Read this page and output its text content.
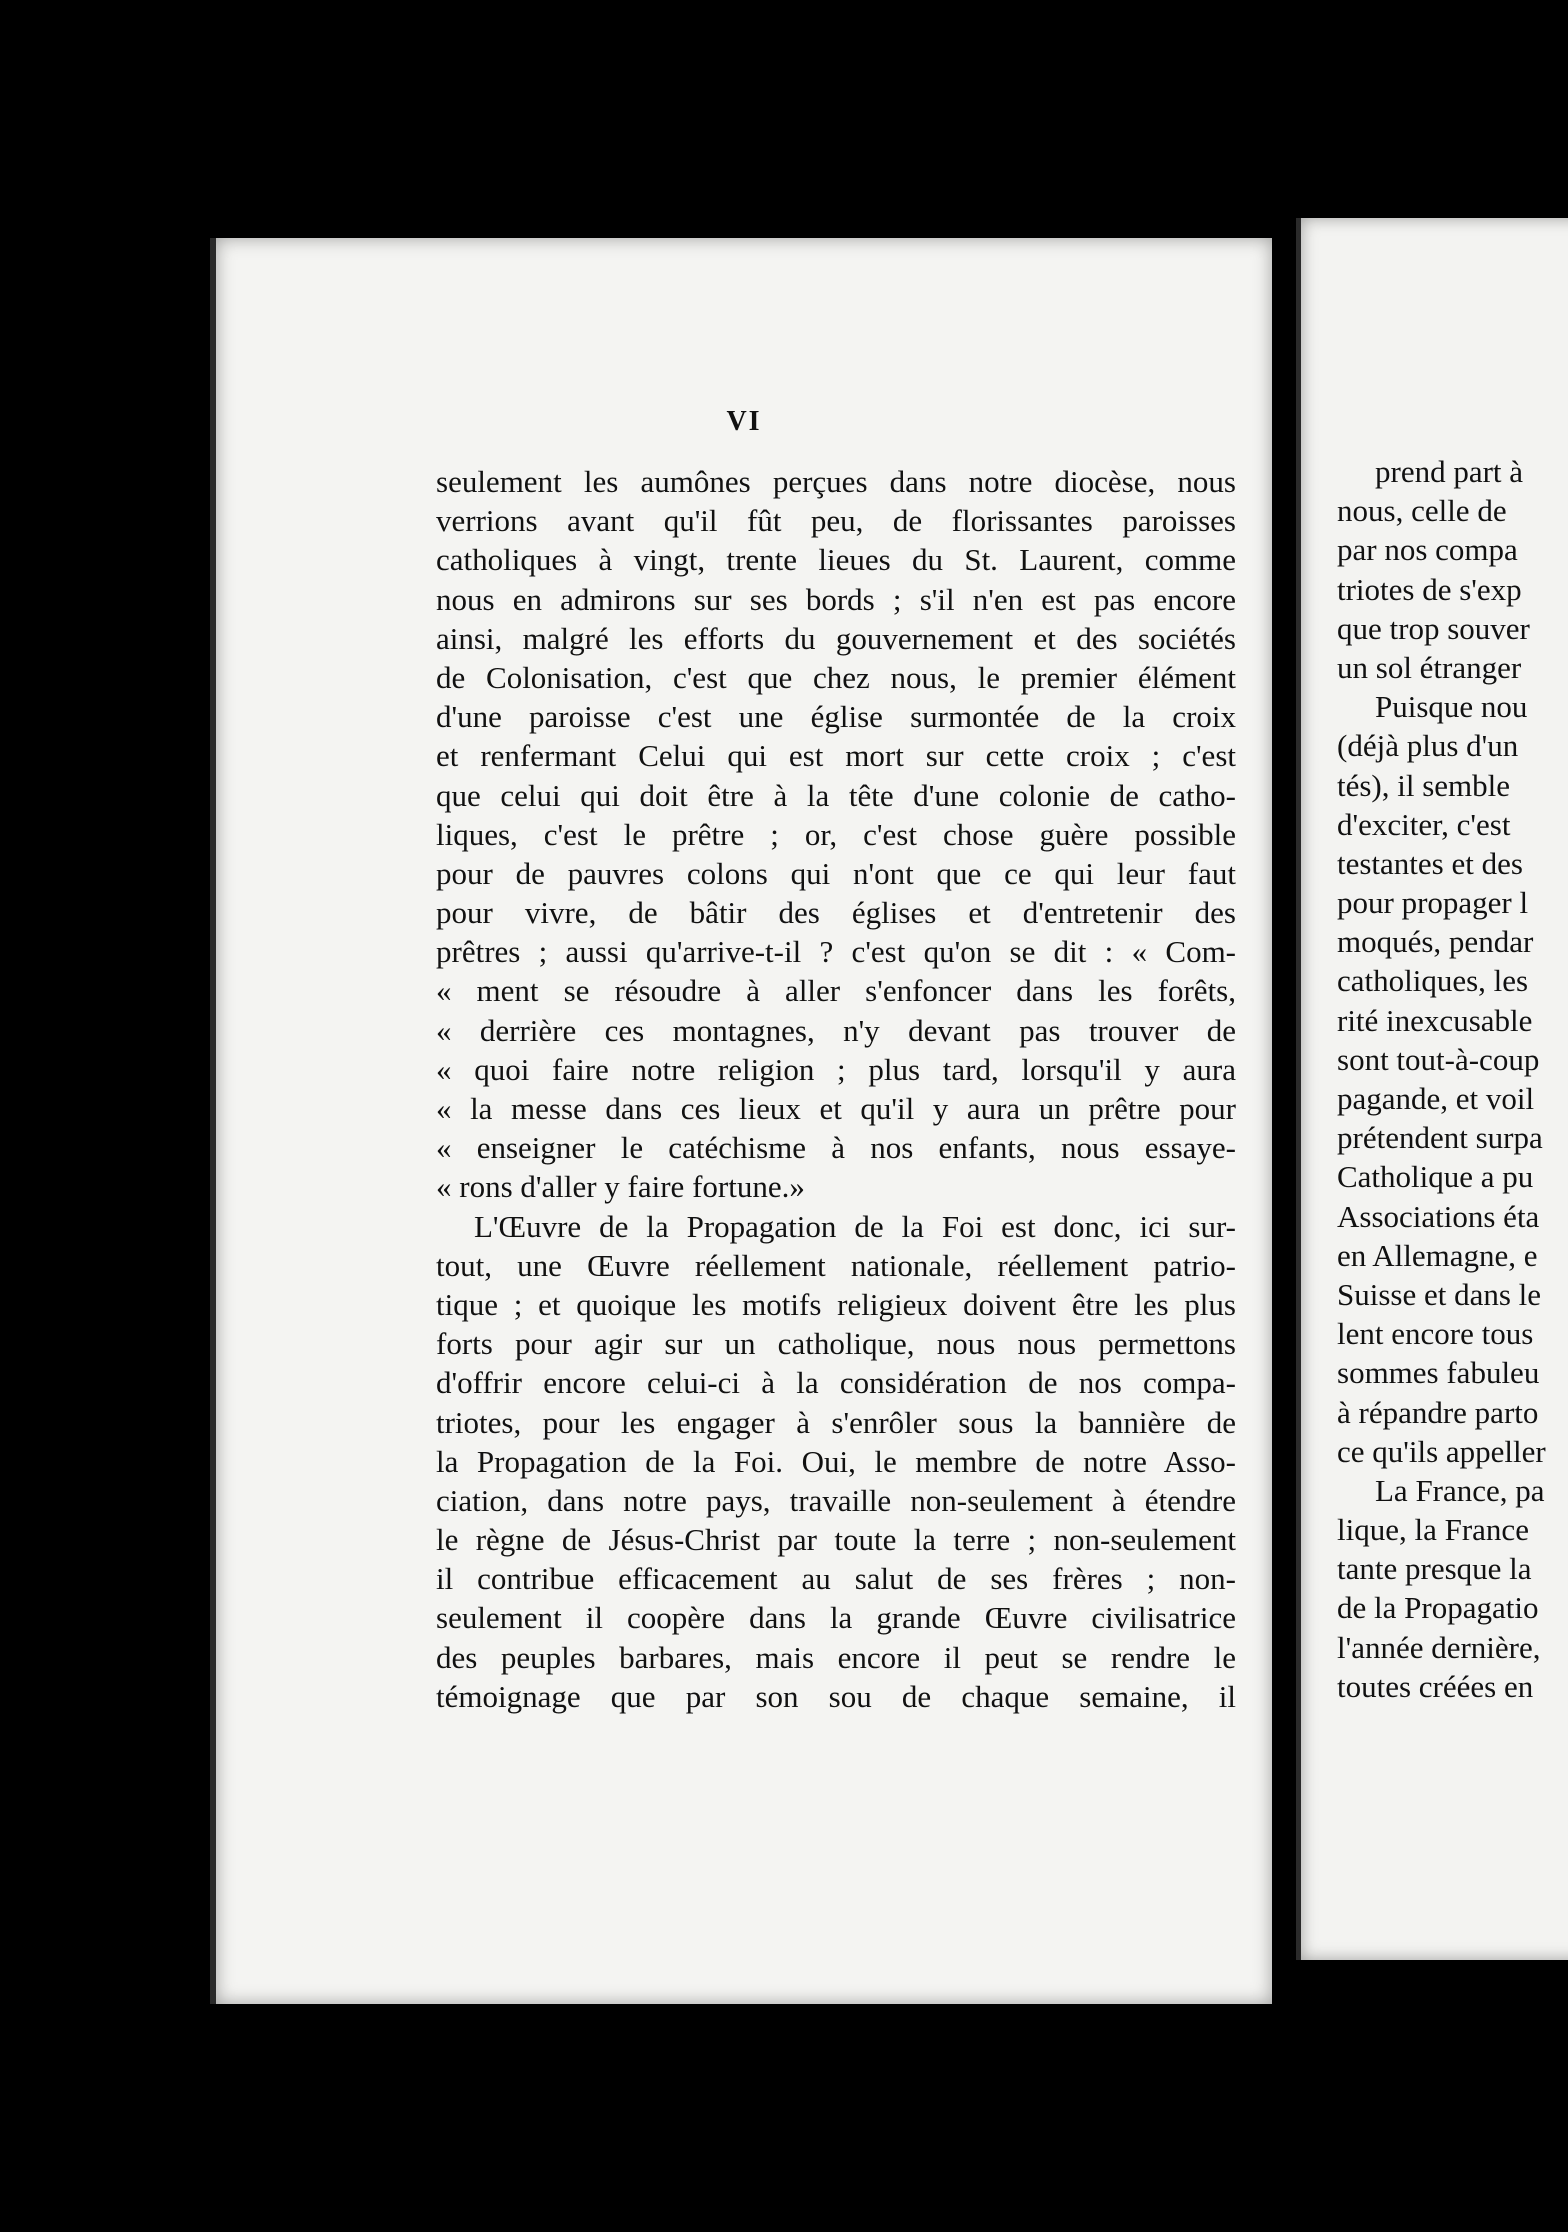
VI
seulement les aumônes perçues dans notre diocèse, nous
verrions avant qu'il fût peu, de florissantes paroisses
catholiques à vingt, trente lieues du St. Laurent, comme
nous en admirons sur ses bords ; s'il n'en est pas encore
ainsi, malgré les efforts du gouvernement et des sociétés
de Colonisation, c'est que chez nous, le premier élément
d'une paroisse c'est une église surmontée de la croix
et renfermant Celui qui est mort sur cette croix ; c'est
que celui qui doit être à la tête d'une colonie de catho-
liques, c'est le prêtre ; or, c'est chose guère possible
pour de pauvres colons qui n'ont que ce qui leur faut
pour vivre, de bâtir des églises et d'entretenir des
prêtres ; aussi qu'arrive-t-il ? c'est qu'on se dit : « Com-
« ment se résoudre à aller s'enfoncer dans les forêts,
« derrière ces montagnes, n'y devant pas trouver de
« quoi faire notre religion ; plus tard, lorsqu'il y aura
« la messe dans ces lieux et qu'il y aura un prêtre pour
« enseigner le catéchisme à nos enfants, nous essaye-
« rons d'aller y faire fortune.»
L'Œuvre de la Propagation de la Foi est donc, ici sur-
tout, une Œuvre réellement nationale, réellement patrio-
tique ; et quoique les motifs religieux doivent être les plus
forts pour agir sur un catholique, nous nous permettons
d'offrir encore celui-ci à la considération de nos compa-
triotes, pour les engager à s'enrôler sous la bannière de
la Propagation de la Foi. Oui, le membre de notre Asso-
ciation, dans notre pays, travaille non-seulement à étendre
le règne de Jésus-Christ par toute la terre ; non-seulement
il contribue efficacement au salut de ses frères ; non-
seulement il coopère dans la grande Œuvre civilisatrice
des peuples barbares, mais encore il peut se rendre le
témoignage que par son sou de chaque semaine, il
prend part à
nous, celle de
par nos compa
triotes de s'exp
que trop souver
un sol étranger
Puisque nou
(déjà plus d'un
tés), il semble
d'exciter, c'est
testantes et des
pour propager l
moqués, pendar
catholiques, les
rité inexcusable
sont tout-à-coup
pagande, et voil
prétendent surpa
Catholique a pu
Associations éta
en Allemagne, e
Suisse et dans le
lent encore tous
sommes fabuleu
à répandre parto
ce qu'ils appeller
La France, pa
lique, la France
tante presque la
de la Propagatio
l'année dernière,
toutes créées en
